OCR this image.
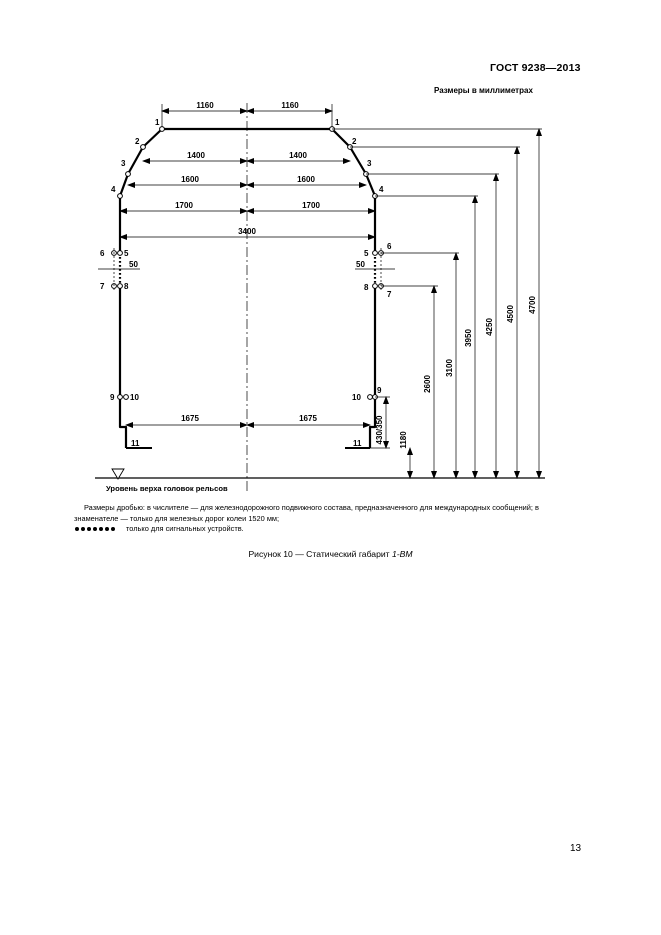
ГОСТ 9238—2013
Размеры в миллиметрах
1
2
3
4
6 5
7 8
9 10
11
1
2
3
4
5
6
8
7
10
9
11
1160	1160
1400	1400
1600	1600
1700	1700
3400
1675	1675
50	50
Уровень верха головок рельсов
430/350 1180
2600
3100
3950
4250
4500
4700
Размеры дробью: в числителе — для железнодорожного подвижного состава, предназначенного для международных сообщений; в знаменателе — только для железных дорог колеи 1520 мм;
только для сигнальных устройств.
Рисунок 10 — Статический габарит 1-ВМ
13
